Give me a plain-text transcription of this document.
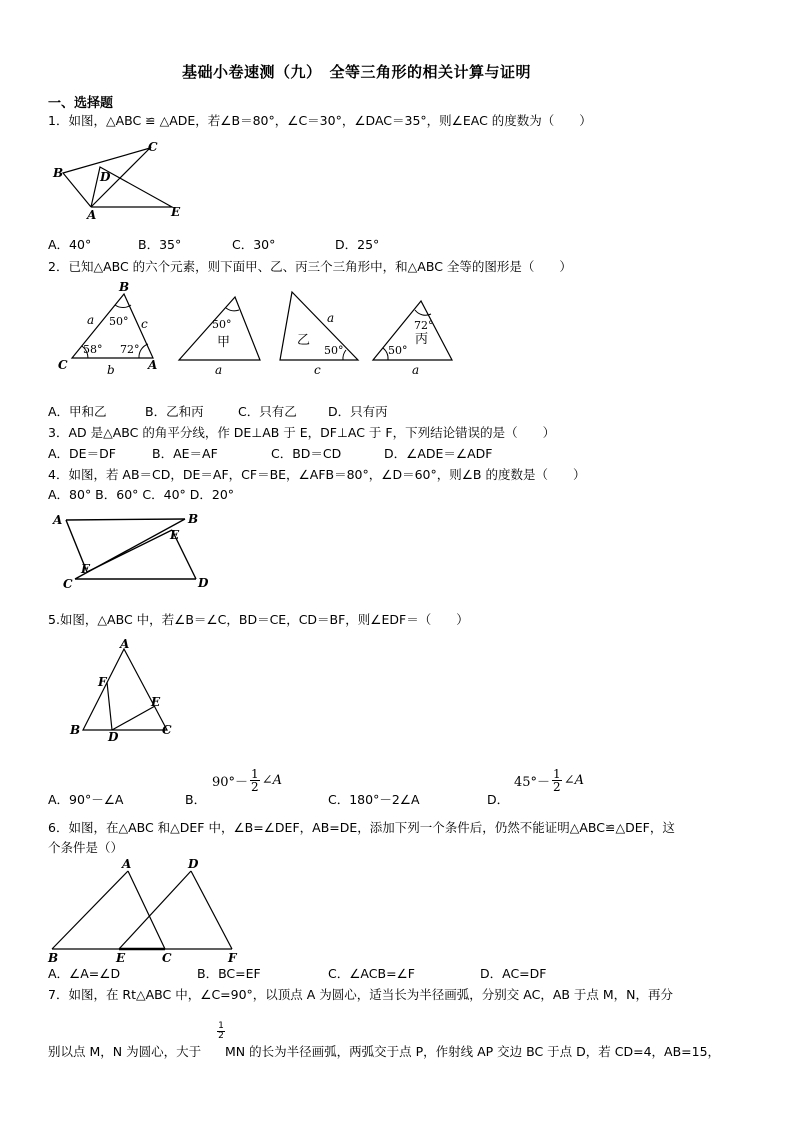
基础小卷速测（九）　全等三角形的相关计算与证明
一、选择题
1．如图，△ABC ≌ △ADE，若∠B＝80°，∠C＝30°，∠DAC＝35°，则∠EAC 的度数为（　　）
B
C
D
A	E
A．40°	B．35°	C．30°	D．25°
2．已知△ABC 的六个元素，则下面甲、乙、丙三个三角形中，和△ABC 全等的图形是（　　）
B
C	A
a	c
b
50°
58° 72°
50°
甲
a
乙
a
50°
c
72°
丙
50°
a
A．甲和乙	B．乙和丙	C．只有乙	D．只有丙
3．AD 是△ABC 的角平分线，作 DE⊥AB 于 E，DF⊥AC 于 F，下列结论错误的是（　　）
A．DE＝DF	B．AE＝AF	C．BD＝CD	D．∠ADE＝∠ADF
4．如图，若 AB＝CD，DE＝AF，CF＝BE，∠AFB＝80°，∠D＝60°，则∠B 的度数是（　　）
A．80° B．60° C．40° D．20°
A	B
E
F
C	D
5.如图，△ABC 中，若∠B＝∠C，BD＝CE，CD＝BF，则∠EDF＝（　　）
A
F
E
B D	C
A．90°－∠A	B．
90°－
1
2 ∠A
C．180°－2∠A	D．
45°－
1
2 ∠A
6．如图，在△ABC 和△DEF 中，∠B=∠DEF，AB=DE，添加下列一个条件后，仍然不能证明△ABC≌△DEF，这
个条件是（）
A	D
B	E	C	F
A．∠A=∠D	B．BC=EF	C．∠ACB=∠F	D．AC=DF
7．如图，在 Rt△ABC 中，∠C=90°，以顶点 A 为圆心，适当长为半径画弧，分别交 AC，AB 于点 M，N，再分
别以点 M，N 为圆心，大于
1
2
MN 的长为半径画弧，两弧交于点 P，作射线 AP 交边 BC 于点 D，若 CD=4，AB=15，
